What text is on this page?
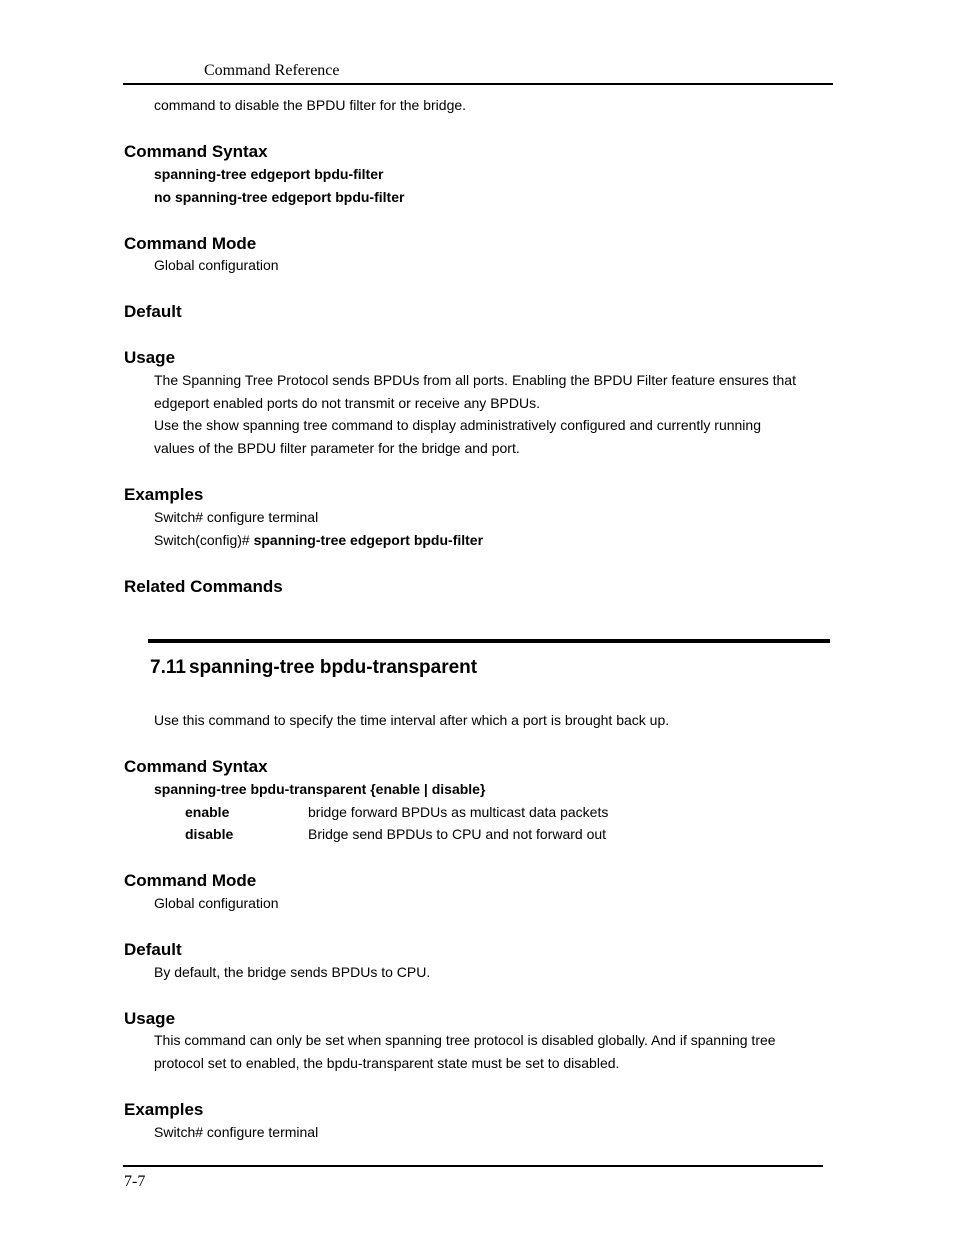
Command Reference
command to disable the BPDU filter for the bridge.
Command Syntax
spanning-tree edgeport bpdu-filter
no spanning-tree edgeport bpdu-filter
Command Mode
Global configuration
Default
Usage
The Spanning Tree Protocol sends BPDUs from all ports. Enabling the BPDU Filter feature ensures that
edgeport enabled ports do not transmit or receive any BPDUs.
Use the show spanning tree command to display administratively configured and currently running
values of the BPDU filter parameter for the bridge and port.
Examples
Switch# configure terminal
Switch(config)# spanning-tree edgeport bpdu-filter
Related Commands
7.11 spanning-tree bpdu-transparent
Use this command to specify the time interval after which a port is brought back up.
Command Syntax
spanning-tree bpdu-transparent {enable | disable}
enable	bridge forward BPDUs as multicast data packets
disable	Bridge send BPDUs to CPU and not forward out
Command Mode
Global configuration
Default
By default, the bridge sends BPDUs to CPU.
Usage
This command can only be set when spanning tree protocol is disabled globally. And if spanning tree
protocol set to enabled, the bpdu-transparent state must be set to disabled.
Examples
Switch# configure terminal
7-7
